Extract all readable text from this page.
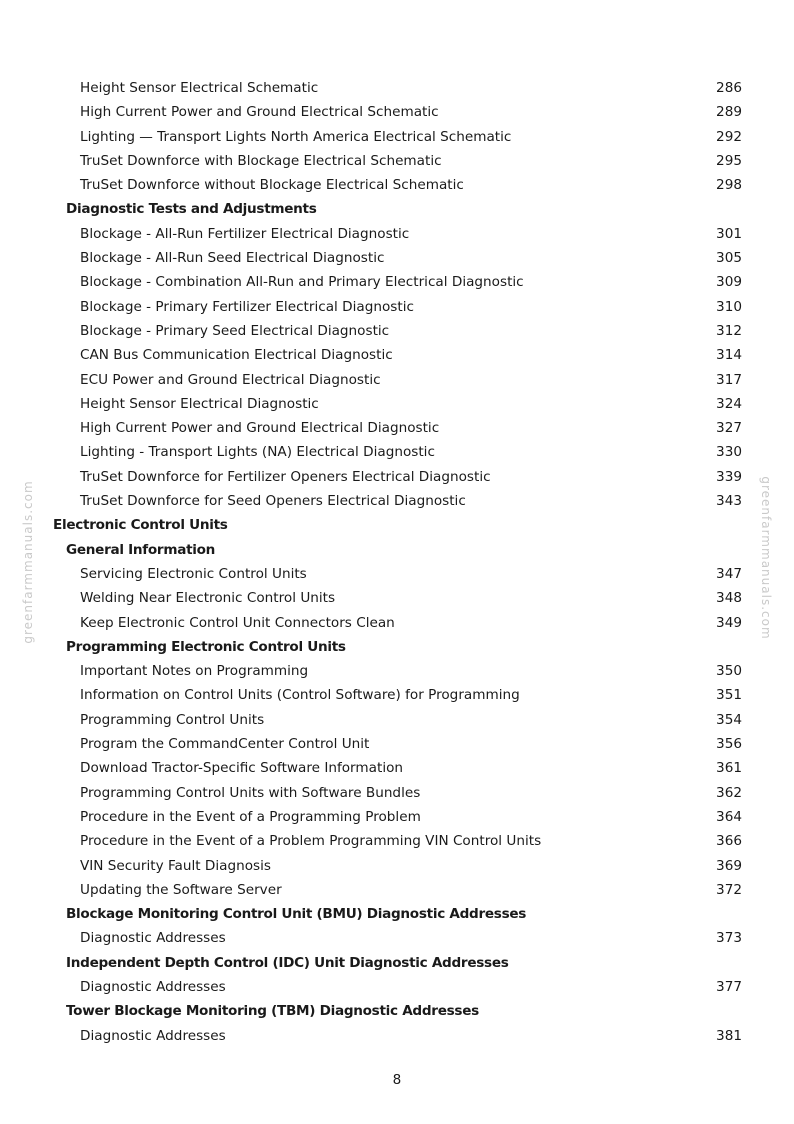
greenfarmmanuals.com	greenfarmmanuals.com
Height Sensor Electrical Schematic	286
High Current Power and Ground Electrical Schematic	289
Lighting — Transport Lights North America Electrical Schematic	292
TruSet Downforce with Blockage Electrical Schematic	295
TruSet Downforce without Blockage Electrical Schematic	298
Diagnostic Tests and Adjustments
Blockage - All-Run Fertilizer Electrical Diagnostic	301
Blockage - All-Run Seed Electrical Diagnostic	305
Blockage - Combination All-Run and Primary Electrical Diagnostic	309
Blockage - Primary Fertilizer Electrical Diagnostic	310
Blockage - Primary Seed Electrical Diagnostic	312
CAN Bus Communication Electrical Diagnostic	314
ECU Power and Ground Electrical Diagnostic	317
Height Sensor Electrical Diagnostic	324
High Current Power and Ground Electrical Diagnostic	327
Lighting - Transport Lights (NA) Electrical Diagnostic	330
TruSet Downforce for Fertilizer Openers Electrical Diagnostic	339
TruSet Downforce for Seed Openers Electrical Diagnostic	343
Electronic Control Units
General Information
Servicing Electronic Control Units	347
Welding Near Electronic Control Units	348
Keep Electronic Control Unit Connectors Clean	349
Programming Electronic Control Units
Important Notes on Programming	350
Information on Control Units (Control Software) for Programming	351
Programming Control Units	354
Program the CommandCenter Control Unit	356
Download Tractor-Specific Software Information	361
Programming Control Units with Software Bundles	362
Procedure in the Event of a Programming Problem	364
Procedure in the Event of a Problem Programming VIN Control Units	366
VIN Security Fault Diagnosis	369
Updating the Software Server	372
Blockage Monitoring Control Unit (BMU) Diagnostic Addresses
Diagnostic Addresses	373
Independent Depth Control (IDC) Unit Diagnostic Addresses
Diagnostic Addresses	377
Tower Blockage Monitoring (TBM) Diagnostic Addresses
Diagnostic Addresses	381
8
